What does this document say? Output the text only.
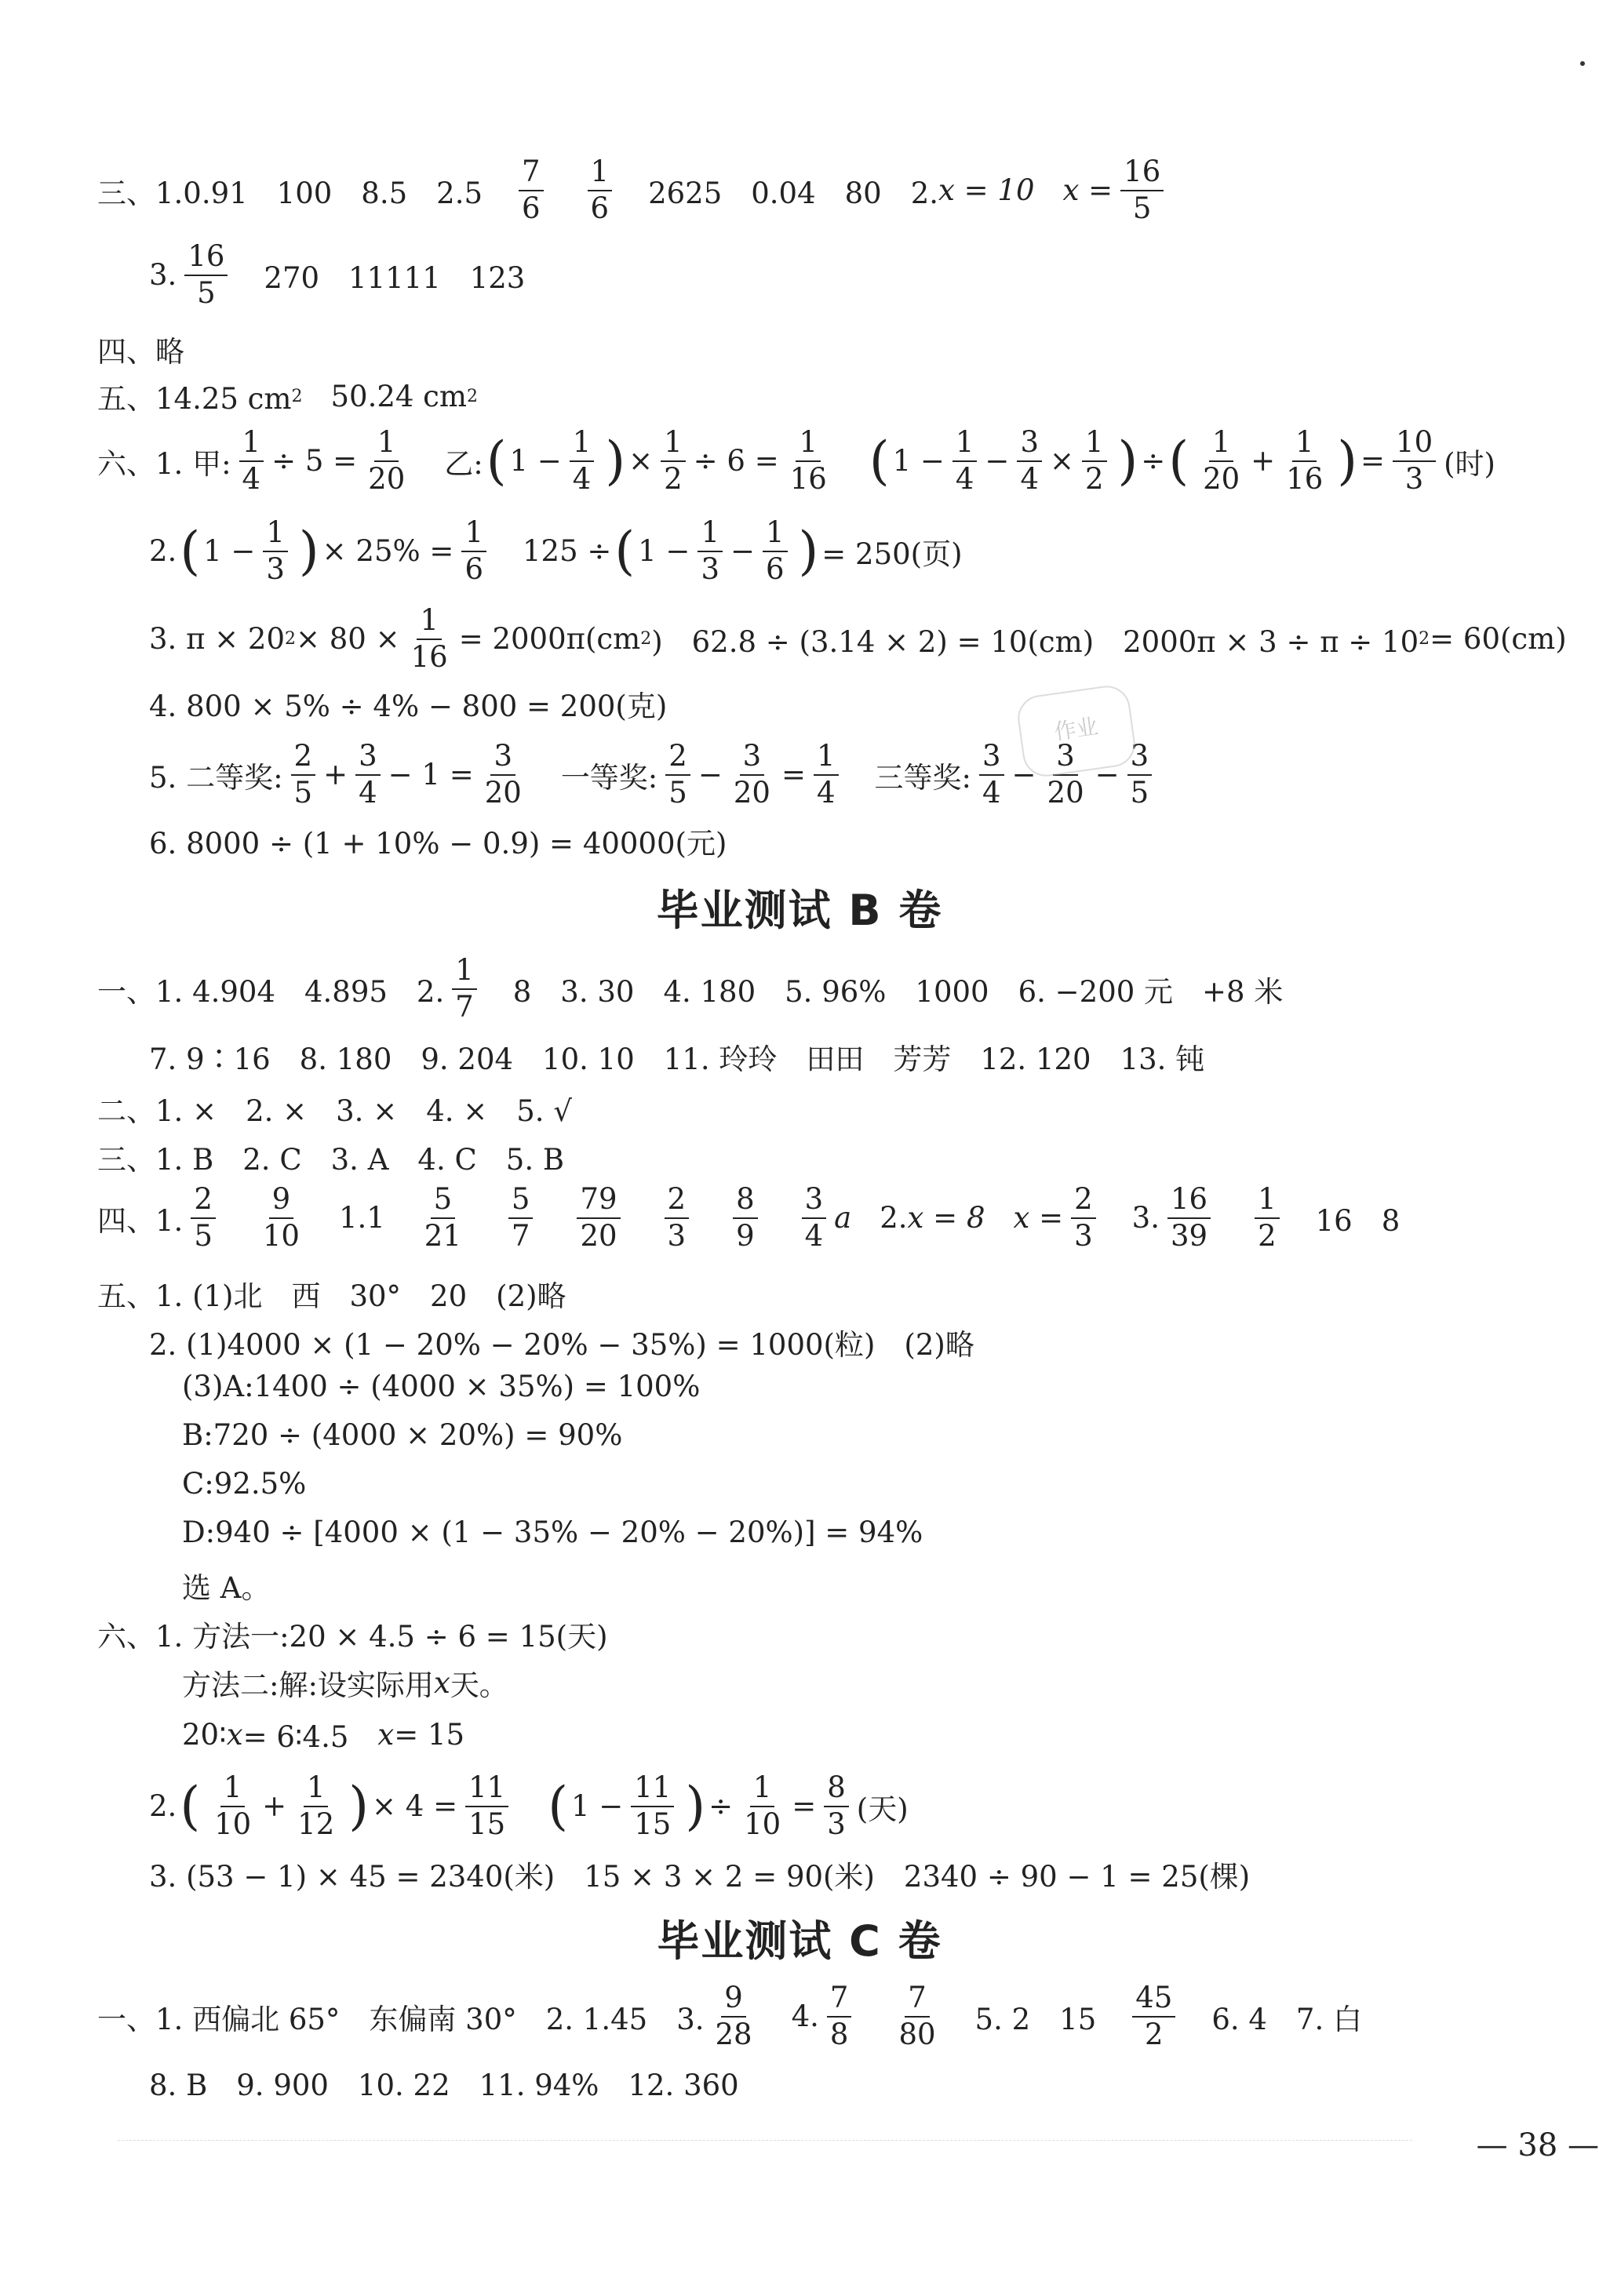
三、1.0.91　100　8.5　$2.5 \frac{7}{6} \frac{1}{6} 2625$　0.04　80　2. x = 10 $x = \frac{16}{5}$
3. $\frac{16}{5} 270$　11111　123
四、略
五、14.25 cm 2 50.24 cm 2
六、1. 甲: $\frac{1}{4} \div 5 = \frac{1}{20}$ 乙: ( $1 - \frac{1}{4}$ ) × $\frac{1}{2} \div 6 = \frac{1}{16}$ ( $1 - \frac{1}{4} - \frac{3}{4} \times \frac{1}{2}$ ) ÷ ( $\frac{1}{20} + \frac{1}{16}$ ) = $\frac{10}{3}$ (时)
2. ( $1 - \frac{1}{3}$ ) × $25\% = \frac{1}{6} 125$ ÷ ( $1 - \frac{1}{3} - \frac{1}{6}$ ) = 250(页)
3. π × 20 $2 \times 80 \times \frac{1}{16} = 2000\pi(cm$ 2 )　62.8 ÷ (3.14 × 2) = 10(cm)　2000π × 3 ÷ π ÷ 10 2 = 60(cm)
4. 800 × 5% ÷ 4% − 800 = 200(克)
5. 二等奖: $\frac{2}{5} + \frac{3}{4} - 1 = \frac{3}{20}$ 一等奖: $\frac{2}{5} - \frac{3}{20} = \frac{1}{4}$ 三等奖: $\frac{3}{4} - \frac{3}{20} - \frac{3}{5}$
作业
6. 8000 ÷ (1 + 10% − 0.9) = 40000(元)
毕业测试 B 卷
一、1. 4.904　4.895　2. $\frac{1}{7} 8$　3. 30　4. 180　5. 96%　1000　6. −200 元　+8 米
7. 9∶16　8. 180　9. 204　10. 10　11. 玲玲　田田　芳芳　12. 120　13. 钝
二、1. ×　2. ×　3. ×　4. ×　5. √
三、1. B　2. C　3. A　4. C　5. B
四、1. $\frac{2}{5} \frac{9}{10} 1.1 \frac{5}{21} \frac{5}{7} \frac{79}{20} \frac{2}{3} \frac{8}{9} \frac{3}{4}$ a 2. x = 8 $x = \frac{2}{3} 3$. $\frac{16}{39} \frac{1}{2} 16$　8
五、1. (1)北　西　30°　20　(2)略
2. (1)4000 × (1 − 20% − 20% − 35%) = 1000(粒)　(2)略
(3)A:1400 ÷ (4000 × 35%) = 100%
B:720 ÷ (4000 × 20%) = 90%
C:92.5%
D:940 ÷ [4000 × (1 − 35% − 20% − 20%)] = 94%
选 A。
六、1. 方法一:20 × 4.5 ÷ 6 = 15(天)
方法二:解:设实际用 x 天。
20∶ x = 6∶4.5　 x = 15
2. ( $\frac{1}{10} + \frac{1}{12}$ ) × $4 = \frac{11}{15}$ ( $1 - \frac{11}{15}$ ) ÷ $\frac{1}{10} = \frac{8}{3}$ (天)
3. (53 − 1) × 45 = 2340(米)　15 × 3 × 2 = 90(米)　2340 ÷ 90 − 1 = 25(棵)
毕业测试 C 卷
一、1. 西偏北 65°　东偏南 30°　2. 1.45　3. $\frac{9}{28} 4$. $\frac{7}{8} \frac{7}{80} 5$. 2　$15 \frac{45}{2} 6$. 4　7. 白
8. B　9. 900　10. 22　11. 94%　12. 360
— 38 —
